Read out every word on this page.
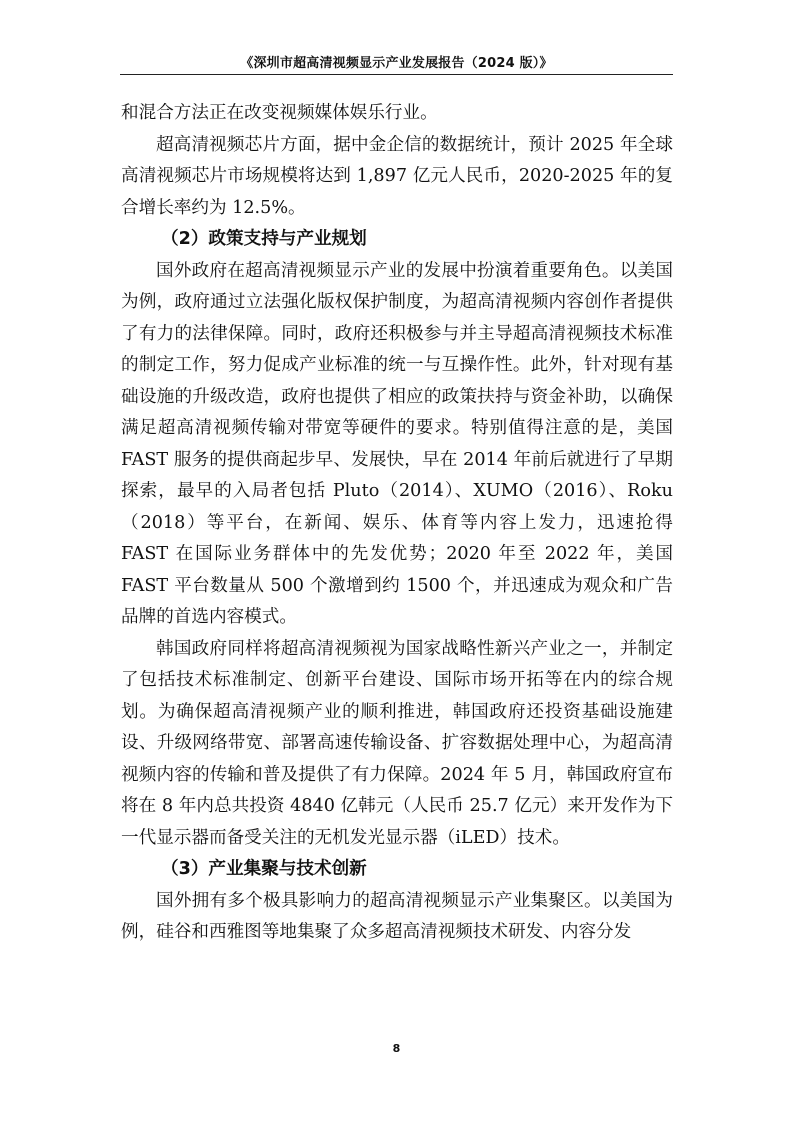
《深圳市超高清视频显示产业发展报告（2024 版）》

和混合方法正在改变视频媒体娱乐行业。

超高清视频芯片方面，据中金企信的数据统计，预计 2025 年全球高清视频芯片市场规模将达到 1,897 亿元人民币，2020-2025 年的复合增长率约为 12.5%。

（2）政策支持与产业规划

国外政府在超高清视频显示产业的发展中扮演着重要角色。以美国为例，政府通过立法强化版权保护制度，为超高清视频内容创作者提供了有力的法律保障。同时，政府还积极参与并主导超高清视频技术标准的制定工作，努力促成产业标准的统一与互操作性。此外，针对现有基础设施的升级改造，政府也提供了相应的政策扶持与资金补助，以确保满足超高清视频传输对带宽等硬件的要求。特别值得注意的是，美国 FAST 服务的提供商起步早、发展快，早在 2014 年前后就进行了早期探索，最早的入局者包括 Pluto（2014）、XUMO（2016）、Roku（2018）等平台，在新闻、娱乐、体育等内容上发力，迅速抢得 FAST 在国际业务群体中的先发优势；2020 年至 2022 年，美国 FAST 平台数量从 500 个激增到约 1500 个，并迅速成为观众和广告品牌的首选内容模式。

韩国政府同样将超高清视频视为国家战略性新兴产业之一，并制定了包括技术标准制定、创新平台建设、国际市场开拓等在内的综合规划。为确保超高清视频产业的顺利推进，韩国政府还投资基础设施建设、升级网络带宽、部署高速传输设备、扩容数据处理中心，为超高清视频内容的传输和普及提供了有力保障。2024 年 5 月，韩国政府宣布将在 8 年内总共投资 4840 亿韩元（人民币 25.7 亿元）来开发作为下一代显示器而备受关注的无机发光显示器（iLED）技术。

（3）产业集聚与技术创新

国外拥有多个极具影响力的超高清视频显示产业集聚区。以美国为例，硅谷和西雅图等地集聚了众多超高清视频技术研发、内容分发

8
